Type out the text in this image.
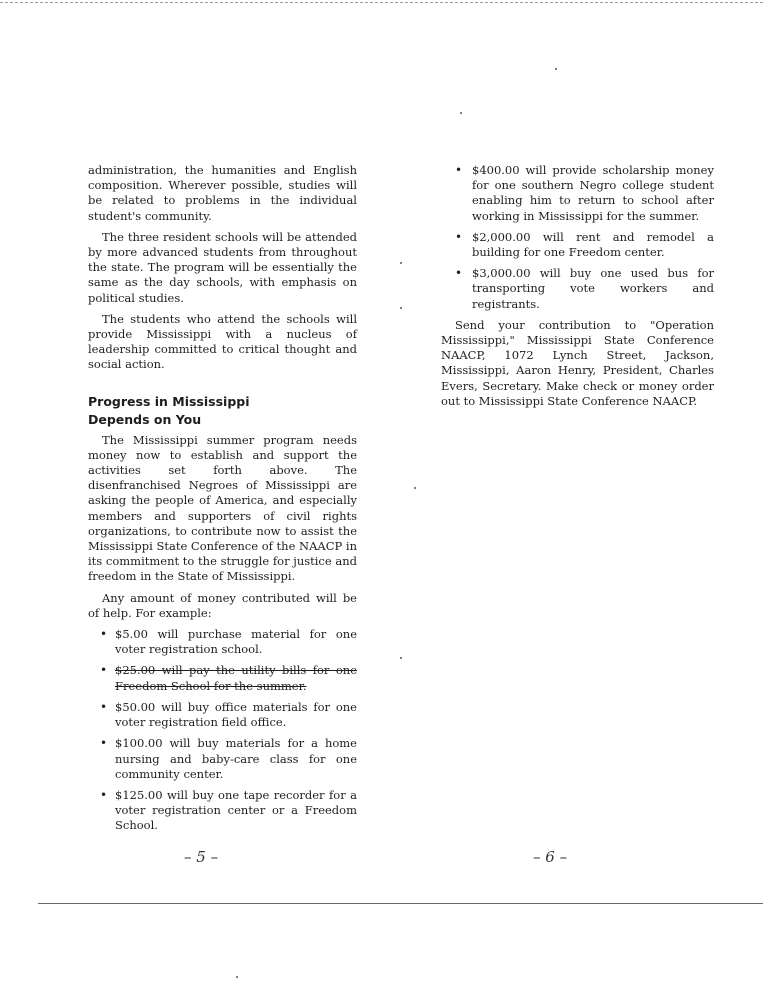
administration, the humanities and English composition. Wherever possible, studies will be related to problems in the individual student's community.

The three resident schools will be attended by more advanced students from throughout the state. The program will be essentially the same as the day schools, with emphasis on political studies.

The students who attend the schools will provide Mississippi with a nucleus of leadership committed to critical thought and social action.

Progress in Mississippi
Depends on You

The Mississippi summer program needs money now to establish and support the activities set forth above. The disenfranchised Negroes of Mississippi are asking the people of America, and especially members and supporters of civil rights organizations, to contribute now to assist the Mississippi State Conference of the NAACP in its commitment to the struggle for justice and freedom in the State of Mississippi.

Any amount of money contributed will be of help. For example:

• $5.00 will purchase material for one voter registration school.
• $25.00 will pay the utility bills for one Freedom School for the summer.
• $50.00 will buy office materials for one voter registration field office.
• $100.00 will buy materials for a home nursing and baby-care class for one community center.
• $125.00 will buy one tape recorder for a voter registration center or a Freedom School.
• $400.00 will provide scholarship money for one southern Negro college student enabling him to return to school after working in Mississippi for the summer.
• $2,000.00 will rent and remodel a building for one Freedom center.
• $3,000.00 will buy one used bus for transporting vote workers and registrants.

Send your contribution to "Operation Mississippi," Mississippi State Conference NAACP, 1072 Lynch Street, Jackson, Mississippi, Aaron Henry, President, Charles Evers, Secretary. Make check or money order out to Mississippi State Conference NAACP.

– 5 –	– 6 –
